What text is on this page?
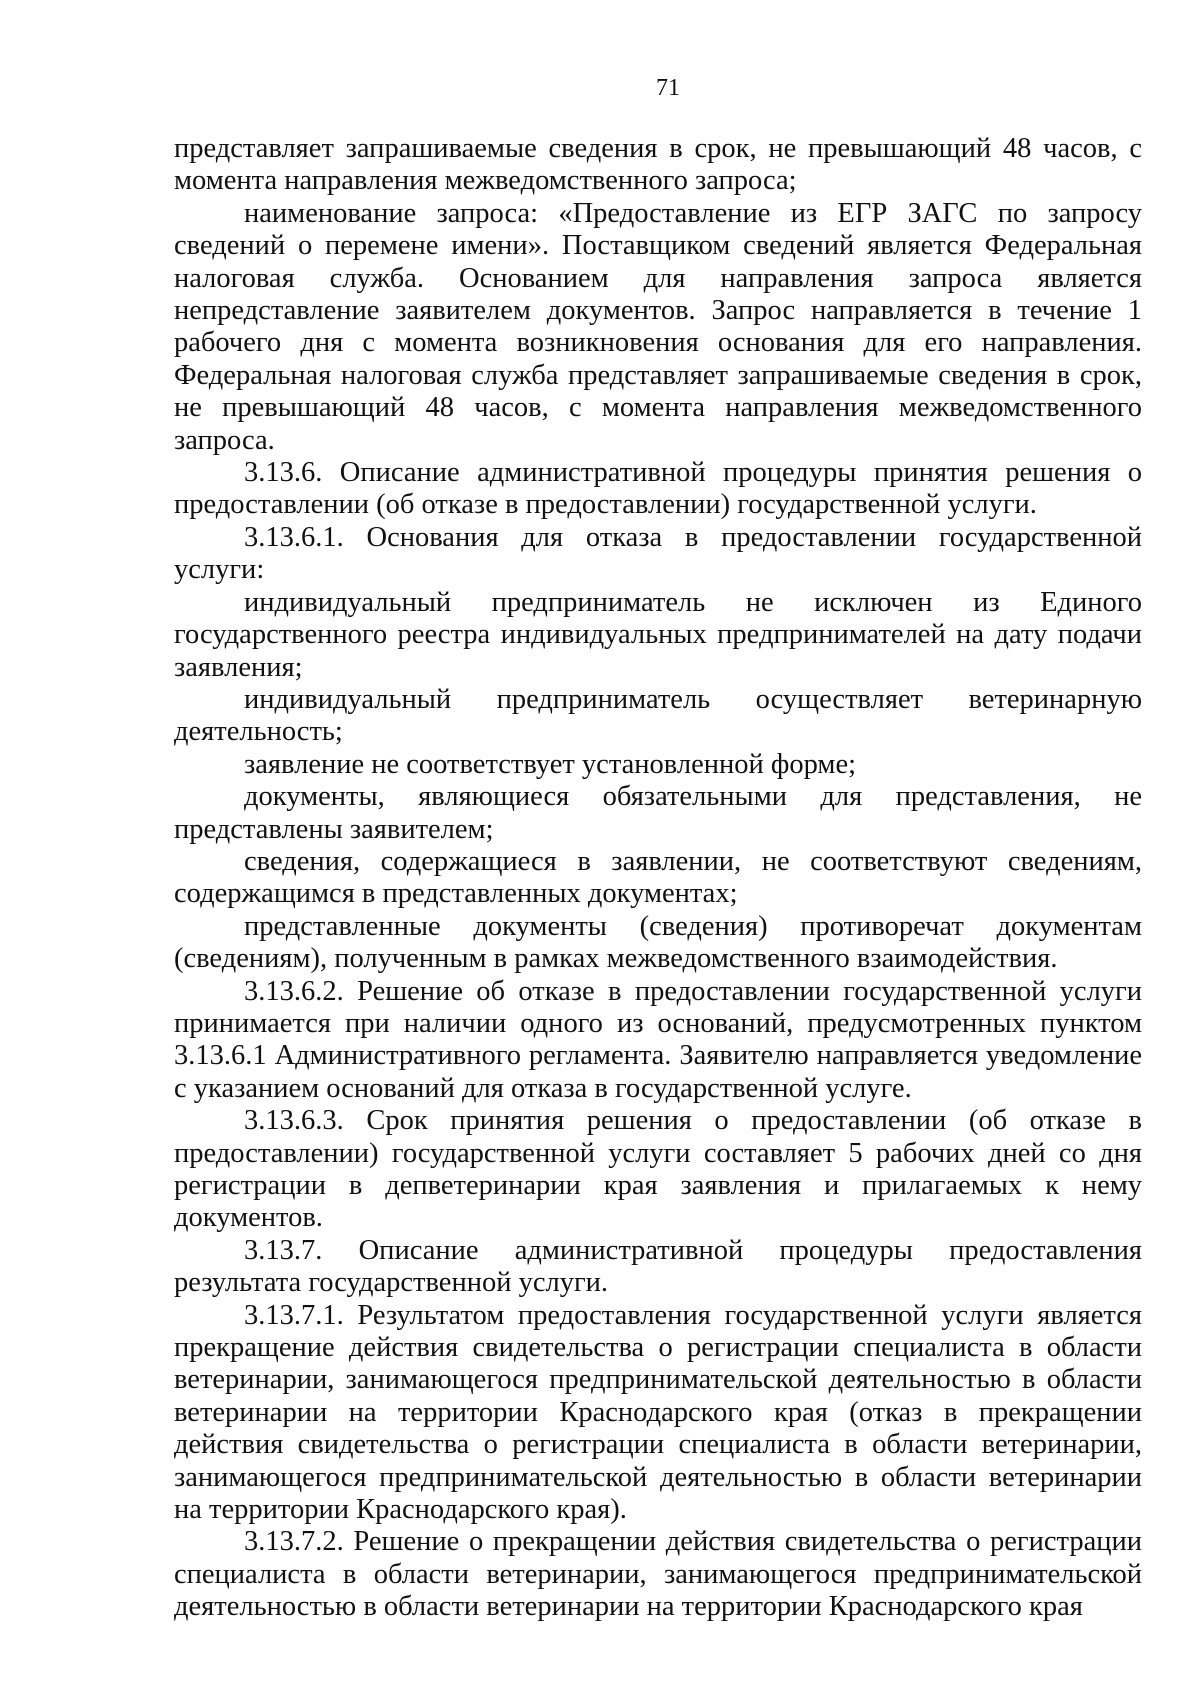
71

представляет запрашиваемые сведения в срок, не превышающий 48 часов, с момента направления межведомственного запроса;

наименование запроса: «Предоставление из ЕГР ЗАГС по запросу сведений о перемене имени». Поставщиком сведений является Федеральная налоговая служба. Основанием для направления запроса является непредставление заявителем документов. Запрос направляется в течение 1 рабочего дня с момента возникновения основания для его направления. Федеральная налоговая служба представляет запрашиваемые сведения в срок, не превышающий 48 часов, с момента направления межведомственного запроса.

3.13.6. Описание административной процедуры принятия решения о предоставлении (об отказе в предоставлении) государственной услуги.

3.13.6.1. Основания для отказа в предоставлении государственной услуги:

индивидуальный предприниматель не исключен из Единого государственного реестра индивидуальных предпринимателей на дату подачи заявления;

индивидуальный предприниматель осуществляет ветеринарную деятельность;

заявление не соответствует установленной форме;

документы, являющиеся обязательными для представления, не представлены заявителем;

сведения, содержащиеся в заявлении, не соответствуют сведениям, содержащимся в представленных документах;

представленные документы (сведения) противоречат документам (сведениям), полученным в рамках межведомственного взаимодействия.

3.13.6.2. Решение об отказе в предоставлении государственной услуги принимается при наличии одного из оснований, предусмотренных пунктом 3.13.6.1 Административного регламента. Заявителю направляется уведомление с указанием оснований для отказа в государственной услуге.

3.13.6.3. Срок принятия решения о предоставлении (об отказе в предоставлении) государственной услуги составляет 5 рабочих дней со дня регистрации в депветеринарии края заявления и прилагаемых к нему документов.

3.13.7. Описание административной процедуры предоставления результата государственной услуги.

3.13.7.1. Результатом предоставления государственной услуги является прекращение действия свидетельства о регистрации специалиста в области ветеринарии, занимающегося предпринимательской деятельностью в области ветеринарии на территории Краснодарского края (отказ в прекращении действия свидетельства о регистрации специалиста в области ветеринарии, занимающегося предпринимательской деятельностью в области ветеринарии на территории Краснодарского края).

3.13.7.2. Решение о прекращении действия свидетельства о регистрации специалиста в области ветеринарии, занимающегося предпринимательской деятельностью в области ветеринарии на территории Краснодарского края
